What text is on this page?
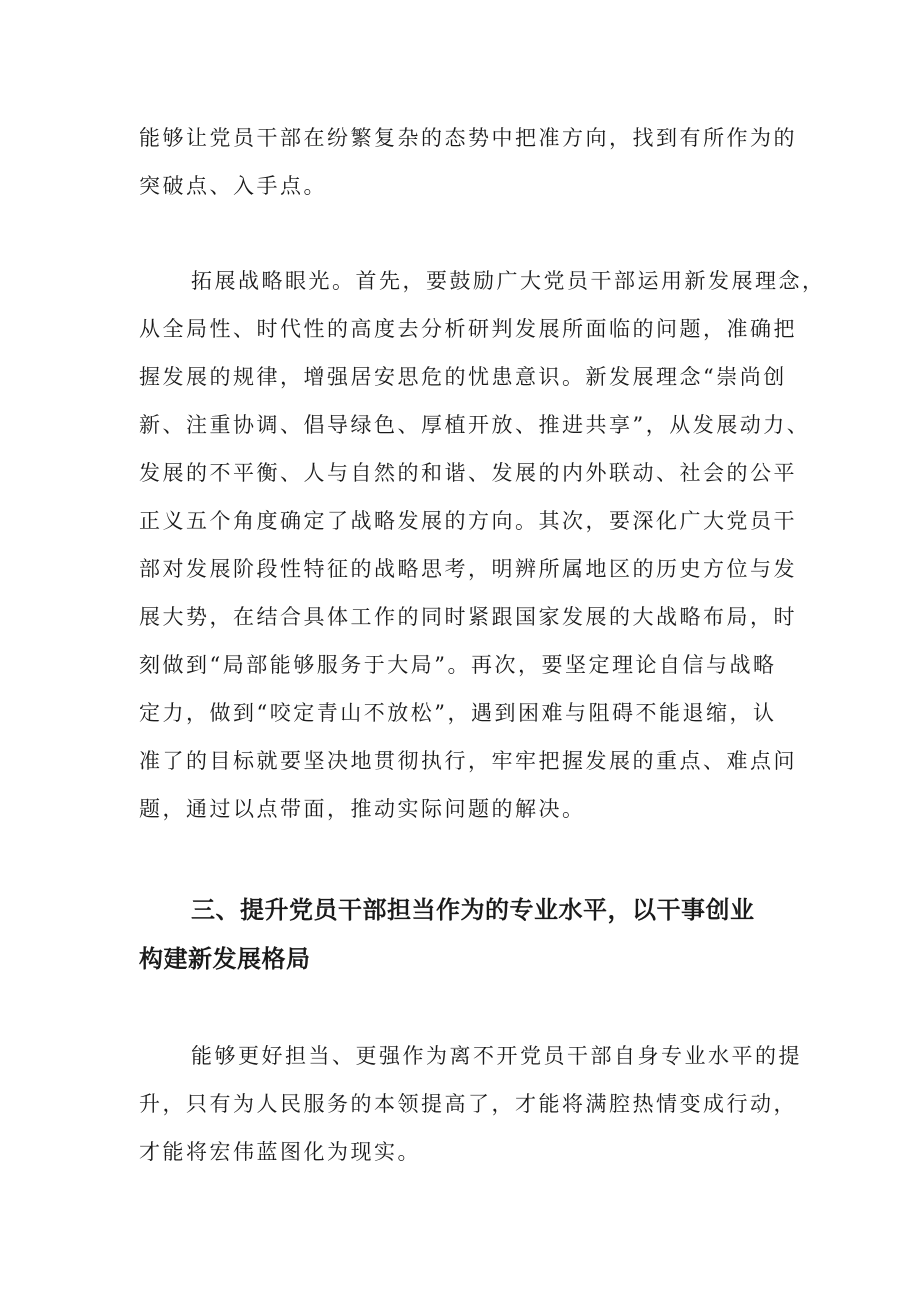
能够让党员干部在纷繁复杂的态势中把准方向，找到有所作为的
突破点、入手点。
拓展战略眼光。首先，要鼓励广大党员干部运用新发展理念，
从全局性、时代性的高度去分析研判发展所面临的问题，准确把
握发展的规律，增强居安思危的忧患意识。新发展理念“崇尚创
新、注重协调、倡导绿色、厚植开放、推进共享”，从发展动力、
发展的不平衡、人与自然的和谐、发展的内外联动、社会的公平
正义五个角度确定了战略发展的方向。其次，要深化广大党员干
部对发展阶段性特征的战略思考，明辨所属地区的历史方位与发
展大势，在结合具体工作的同时紧跟国家发展的大战略布局，时
刻做到“局部能够服务于大局”。再次，要坚定理论自信与战略
定力，做到“咬定青山不放松”，遇到困难与阻碍不能退缩，认
准了的目标就要坚决地贯彻执行，牢牢把握发展的重点、难点问
题，通过以点带面，推动实际问题的解决。
三、提升党员干部担当作为的专业水平，以干事创业
构建新发展格局
能够更好担当、更强作为离不开党员干部自身专业水平的提
升，只有为人民服务的本领提高了，才能将满腔热情变成行动，
才能将宏伟蓝图化为现实。
